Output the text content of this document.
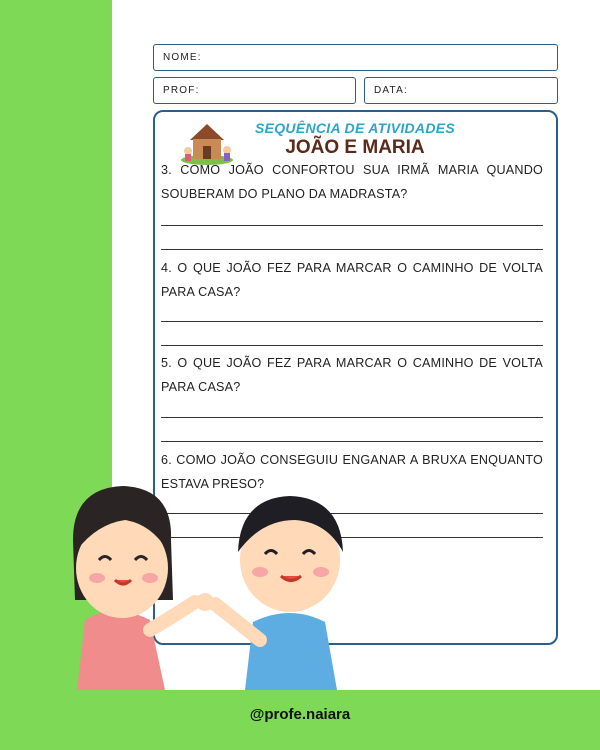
NOME:
PROF:	DATA:
SEQUÊNCIA DE ATIVIDADES
JOÃO E MARIA
3. COMO JOÃO CONFORTOU SUA IRMÃ MARIA QUANDO SOUBERAM DO PLANO DA MADRASTA?
4. O QUE JOÃO FEZ PARA MARCAR O CAMINHO DE VOLTA PARA CASA?
5. O QUE JOÃO FEZ PARA MARCAR O CAMINHO DE VOLTA PARA CASA?
6. COMO JOÃO CONSEGUIU ENGANAR A BRUXA ENQUANTO ESTAVA PRESO?
@profe.naiara
